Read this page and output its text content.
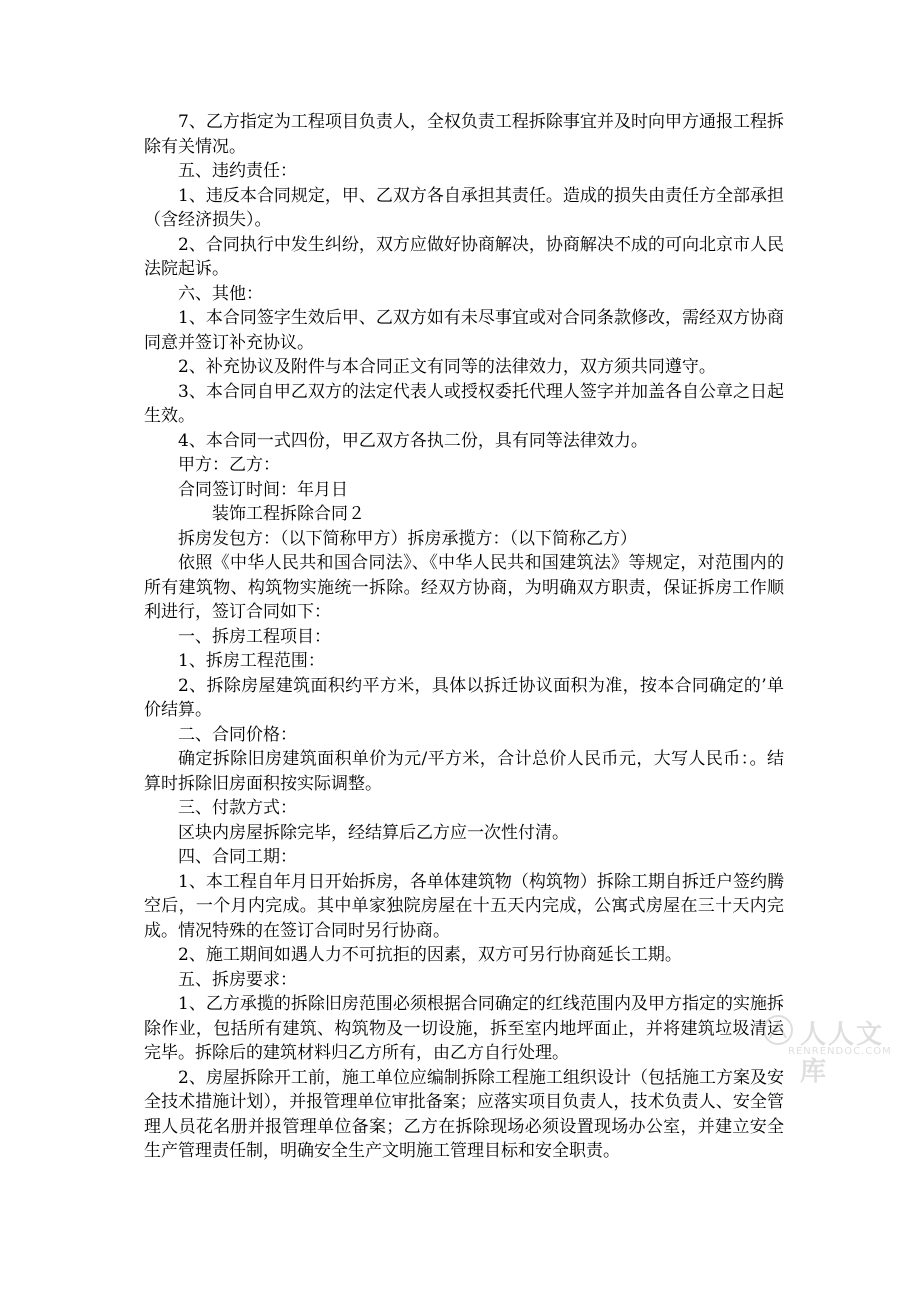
7、乙方指定为工程项目负责人，全权负责工程拆除事宜并及时向甲方通报工程拆除有关情况。

五、违约责任：

1、违反本合同规定，甲、乙双方各自承担其责任。造成的损失由责任方全部承担（含经济损失）。

2、合同执行中发生纠纷，双方应做好协商解决，协商解决不成的可向北京市人民法院起诉。

六、其他：

1、本合同签字生效后甲、乙双方如有未尽事宜或对合同条款修改，需经双方协商同意并签订补充协议。

2、补充协议及附件与本合同正文有同等的法律效力，双方须共同遵守。

3、本合同自甲乙双方的法定代表人或授权委托代理人签字并加盖各自公章之日起生效。

4、本合同一式四份，甲乙双方各执二份，具有同等法律效力。

甲方：乙方：

合同签订时间：年月日

装饰工程拆除合同２

拆房发包方：（以下简称甲方）拆房承揽方：（以下简称乙方）

依照《中华人民共和国合同法》、《中华人民共和国建筑法》等规定，对范围内的所有建筑物、构筑物实施统一拆除。经双方协商，为明确双方职责，保证拆房工作顺利进行，签订合同如下：

一、拆房工程项目：

1、拆房工程范围：

2、拆除房屋建筑面积约平方米，具体以拆迁协议面积为准，按本合同确定的’单价结算。

二、合同价格：

确定拆除旧房建筑面积单价为元/平方米，合计总价人民币元，大写人民币：。结算时拆除旧房面积按实际调整。

三、付款方式：

区块内房屋拆除完毕，经结算后乙方应一次性付清。

四、合同工期：

1、本工程自年月日开始拆房，各单体建筑物（构筑物）拆除工期自拆迁户签约腾空后，一个月内完成。其中单家独院房屋在十五天内完成，公寓式房屋在三十天内完成。情况特殊的在签订合同时另行协商。

2、施工期间如遇人力不可抗拒的因素，双方可另行协商延长工期。

五、拆房要求：

1、乙方承揽的拆除旧房范围必须根据合同确定的红线范围内及甲方指定的实施拆除作业，包括所有建筑、构筑物及一切设施，拆至室内地坪面止，并将建筑垃圾清运完毕。拆除后的建筑材料归乙方所有，由乙方自行处理。

2、房屋拆除开工前，施工单位应编制拆除工程施工组织设计（包括施工方案及安全技术措施计划），并报管理单位审批备案；应落实项目负责人，技术负责人、安全管理人员花名册并报管理单位备案；乙方在拆除现场必须设置现场办公室，并建立安全生产管理责任制，明确安全生产文明施工管理目标和安全职责。

人人文库
RENRENDOC.COM
